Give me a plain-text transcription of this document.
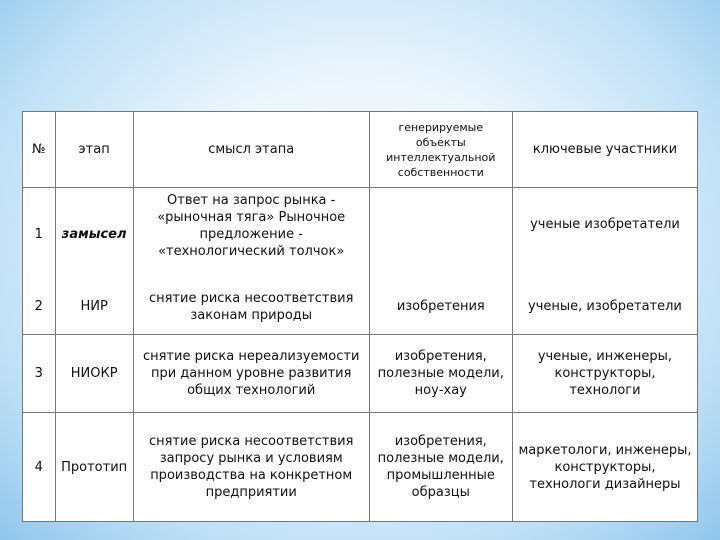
№	этап	смысл этапа	генерируемые объекты интеллектуальной собственности	ключевые участники
1	замысел	Ответ на запрос рынка - «рыночная тяга» Рыночное предложение - «технологический толчок»		ученые изобретатели
2	НИР	снятие риска несоответствия законам природы	изобретения	ученые, изобретатели
3	НИОКР	снятие риска нереализуемости при данном уровне развития общих технологий	изобретения, полезные модели, ноу-хау	ученые, инженеры, конструкторы, технологи
4	Прототип	снятие риска несоответствия запросу рынка и условиям производства на конкретном предприятии	изобретения, полезные модели, промышленные образцы	маркетологи, инженеры, конструкторы, технологи дизайнеры
